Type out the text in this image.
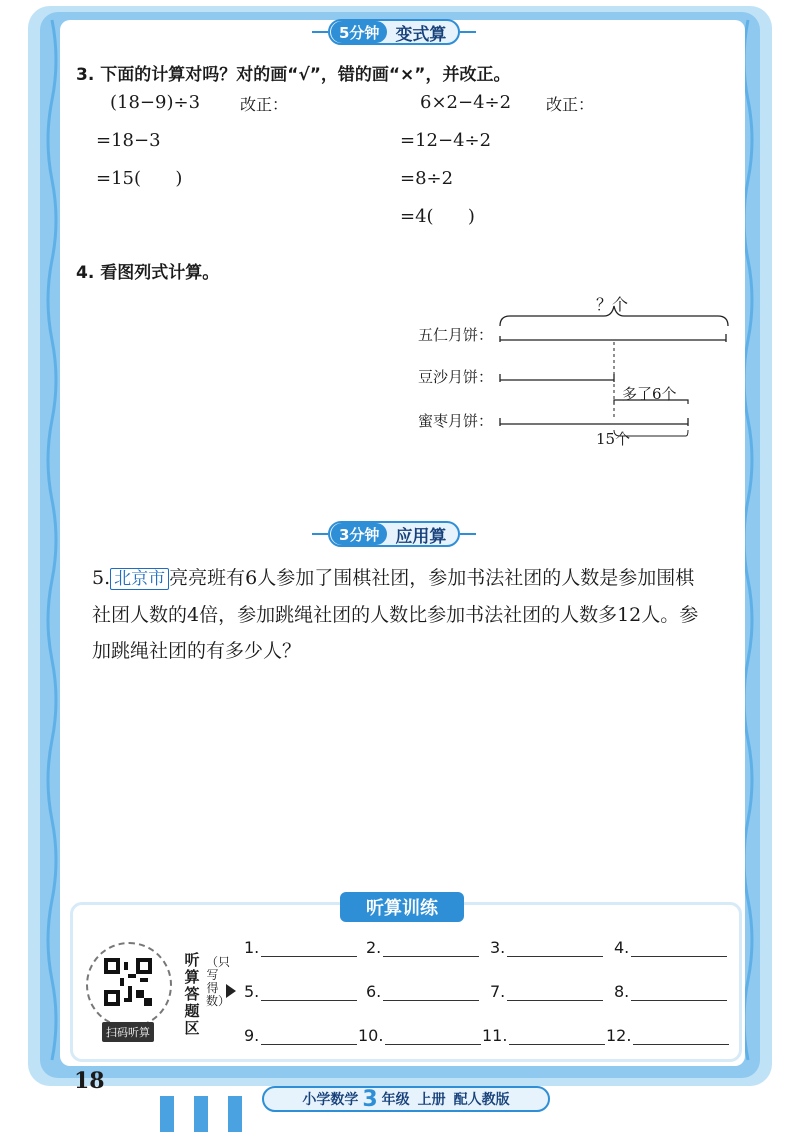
5分钟 变式算
3. 下面的计算对吗？对的画“√”，错的画“×”，并改正。
(18−9)÷3 改正：
=18−3
=15(      )
6×2−4÷2 改正：
=12−4÷2
=8÷2
=4(      )
4. 看图列式计算。
？个
五仁月饼：
豆沙月饼：
蜜枣月饼：
多了6个
15个
3分钟 应用算
5. 北京市 亮亮班有6人参加了围棋社团，参加书法社团的人数是参加围棋社团人数的4倍，参加跳绳社团的人数比参加书法社团的人数多12人。参加跳绳社团的有多少人？
听算训练
扫码听算
听算答题区
（只写得数）
1.	2.	3.	4.
5.	6.	7.	8.
9.	10.	11.	12.
18
小学数学 3 年级 上册 配人教版
